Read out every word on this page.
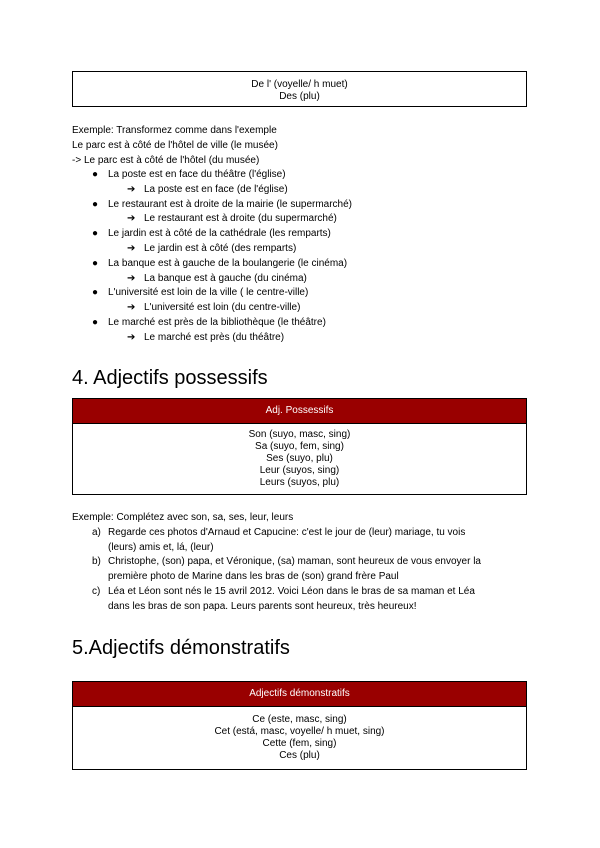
De l' (voyelle/ h muet)
Des (plu)
Exemple: Transformez comme dans l'exemple
Le parc est à côté de l'hôtel de ville (le musée)
-> Le parc est à côté de l'hôtel (du musée)
● La poste est en face du théâtre (l'église)
➔ La poste est en face (de l'église)
● Le restaurant est à droite de la mairie (le supermarché)
➔ Le restaurant est à droite (du supermarché)
● Le jardin est à côté de la cathédrale (les remparts)
➔ Le jardin est à côté (des remparts)
● La banque est à gauche de la boulangerie (le cinéma)
➔ La banque est à gauche (du cinéma)
● L'université est loin de la ville ( le centre-ville)
➔ L'université est loin (du centre-ville)
● Le marché est près de la bibliothèque (le théâtre)
➔ Le marché est près (du théâtre)
4. Adjectifs possessifs
Adj. Possessifs
Son (suyo, masc, sing)
Sa (suyo, fem, sing)
Ses (suyo, plu)
Leur (suyos, sing)
Leurs (suyos, plu)
Exemple: Complétez avec son, sa, ses, leur, leurs
a) Regarde ces photos d'Arnaud et Capucine: c'est le jour de (leur) mariage, tu vois
(leurs) amis et, lá, (leur)
b) Christophe, (son) papa, et Véronique, (sa) maman, sont heureux de vous envoyer la
première photo de Marine dans les bras de (son) grand frère Paul
c) Léa et Léon sont nés le 15 avril 2012. Voici Léon dans le bras de sa maman et Léa
dans les bras de son papa. Leurs parents sont heureux, très heureux!
5.Adjectifs démonstratifs
Adjectifs démonstratifs
Ce (este, masc, sing)
Cet (está, masc, voyelle/ h muet, sing)
Cette (fem, sing)
Ces (plu)
